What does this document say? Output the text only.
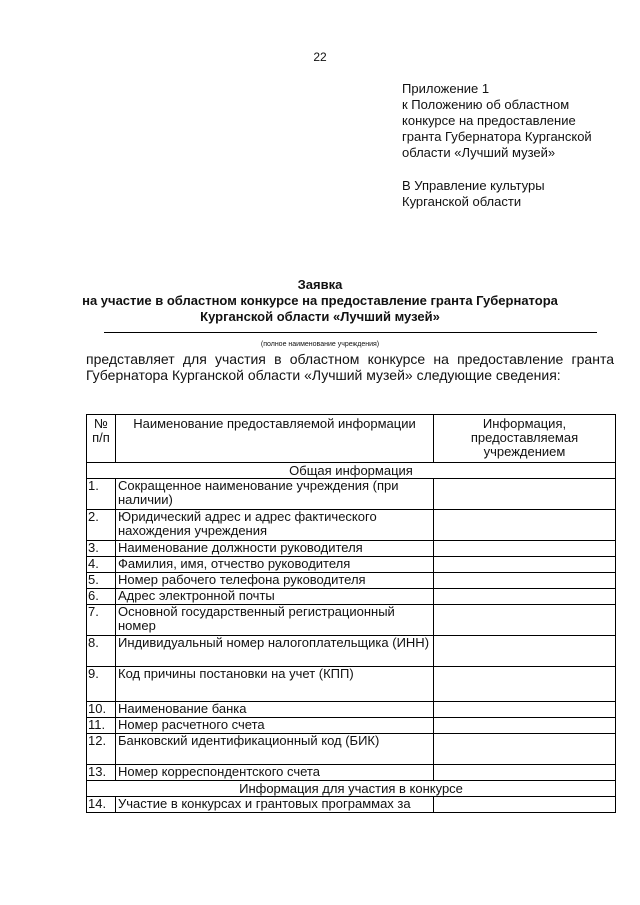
22
Приложение 1
к Положению об областном
конкурсе на предоставление
гранта Губернатора Курганской
области «Лучший музей»
В Управление культуры
Курганской области
Заявка
на участие в областном конкурсе на предоставление гранта Губернатора
Курганской области «Лучший музей»
(полное наименование учреждения)
представляет для участия в областном конкурсе на предоставление гранта
Губернатора Курганской области «Лучший музей» следующие сведения:
№ п/п	Наименование предоставляемой информации	Информация, предоставляемая учреждением
Общая информация		
1.	Сокращенное наименование учреждения (при наличии)	
2.	Юридический адрес и адрес фактического нахождения учреждения	
3.	Наименование должности руководителя	
4.	Фамилия, имя, отчество руководителя	
5.	Номер рабочего телефона руководителя	
6.	Адрес электронной почты	
7.	Основной государственный регистрационный номер	
8.	Индивидуальный номер налогоплательщика (ИНН)	
9.	Код причины постановки на учет (КПП)	
10.	Наименование банка	
11.	Номер расчетного счета	
12.	Банковский идентификационный код (БИК)	
13.	Номер корреспондентского счета	
Информация для участия в конкурсе		
14.	Участие в конкурсах и грантовых программах за	
